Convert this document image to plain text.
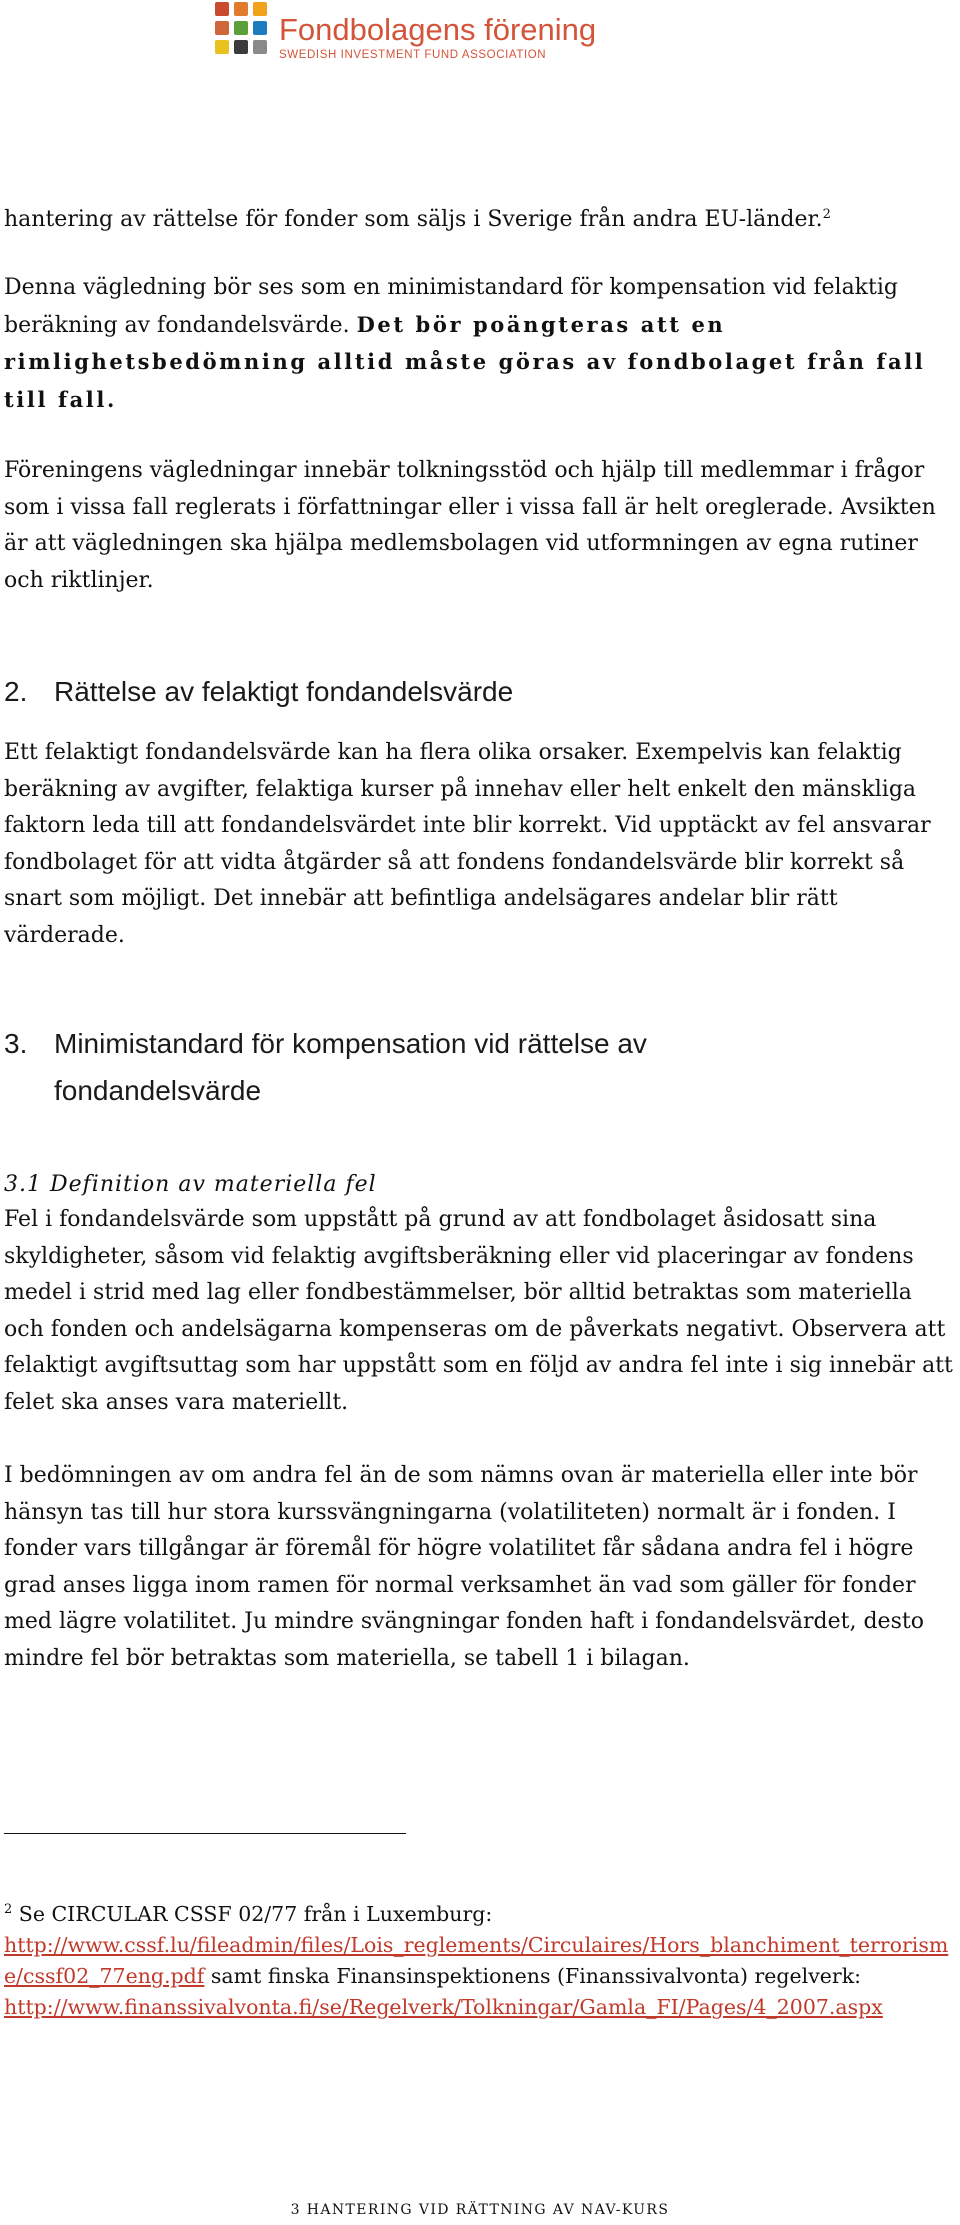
Fondbolagens förening
SWEDISH INVESTMENT FUND ASSOCIATION

hantering av rättelse för fonder som säljs i Sverige från andra EU-länder.$^2$

Denna vägledning bör ses som en minimistandard för kompensation vid felaktig beräkning av fondandelsvärde. Det bör poängteras att en rimlighetsbedömning alltid måste göras av fondbolaget från fall till fall.

Föreningens vägledningar innebär tolkningsstöd och hjälp till medlemmar i frågor som i vissa fall reglerats i författningar eller i vissa fall är helt oreglerade. Avsikten är att vägledningen ska hjälpa medlemsbolagen vid utformningen av egna rutiner och riktlinjer.

2. Rättelse av felaktigt fondandelsvärde

Ett felaktigt fondandelsvärde kan ha flera olika orsaker. Exempelvis kan felaktig beräkning av avgifter, felaktiga kurser på innehav eller helt enkelt den mänskliga faktorn leda till att fondandelsvärdet inte blir korrekt. Vid upptäckt av fel ansvarar fondbolaget för att vidta åtgärder så att fondens fondandelsvärde blir korrekt så snart som möjligt. Det innebär att befintliga andelsägares andelar blir rätt värderade.

3. Minimistandard för kompensation vid rättelse av

fondandelsvärde

3.1 Definition av materiella fel

Fel i fondandelsvärde som uppstått på grund av att fondbolaget åsidosatt sina skyldigheter, såsom vid felaktig avgiftsberäkning eller vid placeringar av fondens medel i strid med lag eller fondbestämmelser, bör alltid betraktas som materiella och fonden och andelsägarna kompenseras om de påverkats negativt. Observera att felaktigt avgiftsuttag som har uppstått som en följd av andra fel inte i sig innebär att felet ska anses vara materiellt.

I bedömningen av om andra fel än de som nämns ovan är materiella eller inte bör hänsyn tas till hur stora kurssvängningarna (volatiliteten) normalt är i fonden. I fonder vars tillgångar är föremål för högre volatilitet får sådana andra fel i högre grad anses ligga inom ramen för normal verksamhet än vad som gäller för fonder med lägre volatilitet. Ju mindre svängningar fonden haft i fondandelsvärdet, desto mindre fel bör betraktas som materiella, se tabell 1 i bilagan.

$^2$ Se CIRCULAR CSSF 02/77 från i Luxemburg:
http://www.cssf.lu/fileadmin/files/Lois_reglements/Circulaires/Hors_blanchiment_terrorisme/cssf02_77eng.pdf samt finska Finansinspektionens (Finanssivalvonta) regelverk:
http://www.finanssivalvonta.fi/se/Regelverk/Tolkningar/Gamla_FI/Pages/4_2007.aspx

3 HANTERING VID RÄTTNING AV NAV-KURS
